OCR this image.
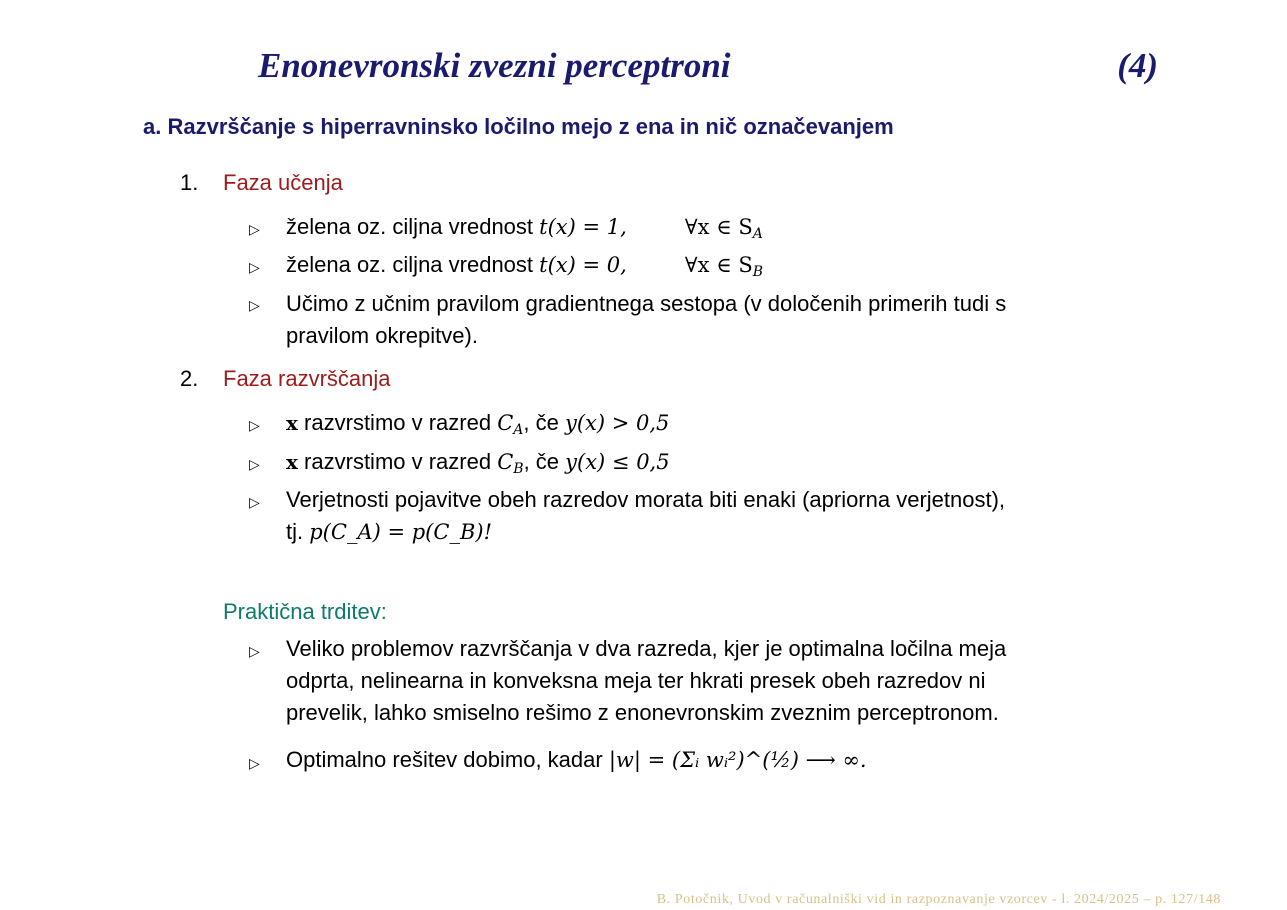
Enonevronski zvezni perceptroni	(4)
a. Razvrščanje s hiperravninsko ločilno mejo z ena in nič označevanjem
1. Faza učenja
▷ želena oz. ciljna vrednost t(x) = 1,	∀x ∈ $S_A$
▷ želena oz. ciljna vrednost t(x) = 0,	∀x ∈ $S_B$
▷ Učimo z učnim pravilom gradientnega sestopa (v določenih primerih tudi s
pravilom okrepitve).
2. Faza razvrščanja
▷ x razvrstimo v razred $C_A$, če y(x) > 0,5
▷ x razvrstimo v razred $C_B$, če y(x) ≤ 0,5
▷ Verjetnosti pojavitve obeh razredov morata biti enaki (apriorna verjetnost),
tj. p(C_A) = p(C_B)!
Praktična trditev:
▷ Veliko problemov razvrščanja v dva razreda, kjer je optimalna ločilna meja
odprta, nelinearna in konveksna meja ter hkrati presek obeh razredov ni
prevelik, lahko smiselno rešimo z enonevronskim zveznim perceptronom.
▷ Optimalno rešitev dobimo, kadar |w| = (Σᵢ wᵢ²)^(½) ⟶ ∞.
B. Potočnik, Uvod v računalniški vid in razpoznavanje vzorcev - l. 2024/2025 – p. 127/148
